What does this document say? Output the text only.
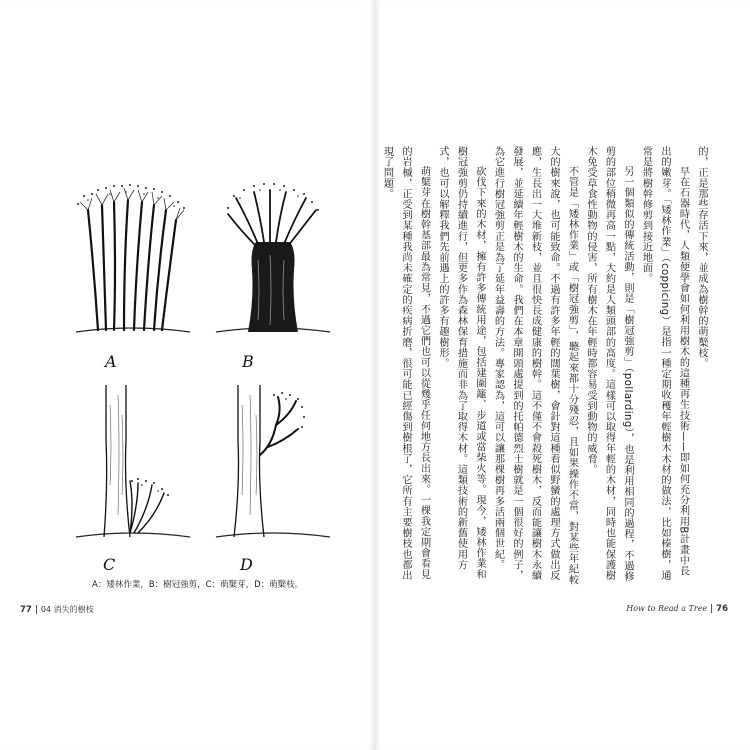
A	B
C	D
A：矮林作業，B：樹冠強剪，C：萌櫱芽，D：萌櫱枝。
77 04 消失的樹枝	How to Read a Tree 76

的，正是那些存活下來，並成為樹幹的萌櫱枝。

早在石器時代，人類便學會如何利用樹木的這種再生技術——即如何充分利用B計畫中長出的嫩芽。「矮林作業」（coppicing）是指一種定期收穫年輕樹木木材的做法，比如榛樹，通常是將樹幹修剪到接近地面。

另一個類似的傳統活動，則是「樹冠強剪」（pollarding），也是利用相同的過程，不過修剪的部位稍微再高一點，大約是人類頭部的高度。這樣可以取得年輕的木材，同時也能保護樹木免受草食性動物的侵害，所有樹木在年輕時都容易受到動物的威脅。

不管是「矮林作業」或「樹冠強剪」，聽起來都十分殘忍，且如果操作不當，對某些年紀較大的樹來說，也可能致命。不過有許多年輕的闊葉樹，會針對這種看似野蠻的處理方式做出反應，生長出一大堆新枝，並且很快長成健康的樹幹。這不僅不會殺死樹木，反而能讓樹木永續發展，並延續年輕樹木的生命。我們在本章開頭處提到的托帕德烈士樹就是一個很好的例子，為它進行樹冠強剪正是為了延年益壽的方法。專家認為，這可以讓那棵樹再多活兩個世紀。

砍伐下來的木材，擁有許多傳統用途，包括建圍籬、步道或當柴火等。現今，矮林作業和樹冠強剪仍持續進行，但更多作為森林保育措施而非為了取得木材。這類技術的新舊使用方式，也可以解釋我們先前遇上的許多有趣樹形。

萌櫱芽在樹幹基部最為常見，不過它們也可以從幾乎任何地方長出來。一棵我定期會看見的岩槭，正受到某種我尚未確定的疾病折磨，很可能已經傷到樹根了，它所有主要樹枝也都出現了問題。
